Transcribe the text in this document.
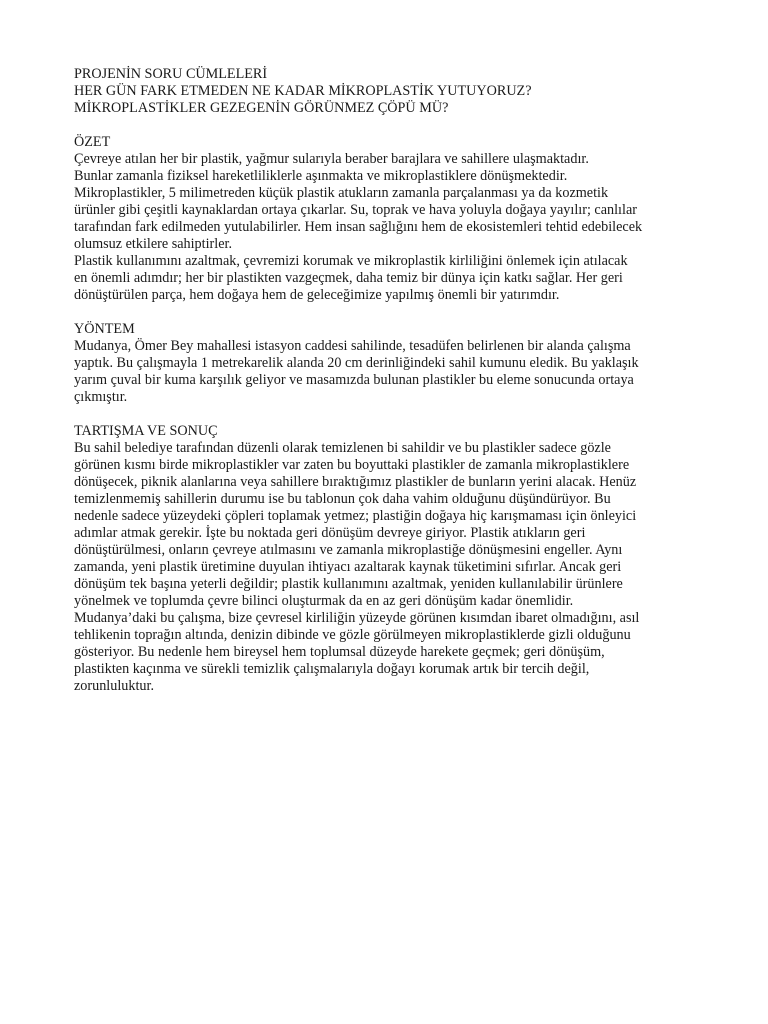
PROJENİN SORU CÜMLELERİ
HER GÜN FARK ETMEDEN NE KADAR MİKROPLASTİK YUTUYORUZ?
MİKROPLASTİKLER GEZEGENİN GÖRÜNMEZ ÇÖPÜ MÜ?
ÖZET
Çevreye atılan her bir plastik, yağmur sularıyla beraber barajlara ve sahillere ulaşmaktadır.
Bunlar zamanla fiziksel hareketliliklerle aşınmakta ve mikroplastiklere dönüşmektedir.
Mikroplastikler, 5 milimetreden küçük plastik atukların zamanla parçalanması ya da kozmetik
ürünler gibi çeşitli kaynaklardan ortaya çıkarlar. Su, toprak ve hava yoluyla doğaya yayılır; canlılar
tarafından fark edilmeden yutulabilirler. Hem insan sağlığını hem de ekosistemleri tehtid edebilecek
olumsuz etkilere sahiptirler.
Plastik kullanımını azaltmak, çevremizi korumak ve mikroplastik kirliliğini önlemek için atılacak
en önemli adımdır; her bir plastikten vazgeçmek, daha temiz bir dünya için katkı sağlar. Her geri
dönüştürülen parça, hem doğaya hem de geleceğimize yapılmış önemli bir yatırımdır.
YÖNTEM
Mudanya, Ömer Bey mahallesi istasyon caddesi sahilinde, tesadüfen belirlenen bir alanda çalışma
yaptık. Bu çalışmayla 1 metrekarelik alanda 20 cm derinliğindeki sahil kumunu eledik. Bu yaklaşık
yarım çuval bir kuma karşılık geliyor ve masamızda bulunan plastikler bu eleme sonucunda ortaya
çıkmıştır.
TARTIŞMA VE SONUÇ
Bu sahil belediye tarafından düzenli olarak temizlenen bi sahildir ve bu plastikler sadece gözle
görünen kısmı birde mikroplastikler var zaten bu boyuttaki plastikler de zamanla mikroplastiklere
dönüşecek, piknik alanlarına veya sahillere bıraktığımız plastikler de bunların yerini alacak. Henüz
temizlenmemiş sahillerin durumu ise bu tablonun çok daha vahim olduğunu düşündürüyor. Bu
nedenle sadece yüzeydeki çöpleri toplamak yetmez; plastiğin doğaya hiç karışmaması için önleyici
adımlar atmak gerekir. İşte bu noktada geri dönüşüm devreye giriyor. Plastik atıkların geri
dönüştürülmesi, onların çevreye atılmasını ve zamanla mikroplastiğe dönüşmesini engeller. Aynı
zamanda, yeni plastik üretimine duyulan ihtiyacı azaltarak kaynak tüketimini sıfırlar. Ancak geri
dönüşüm tek başına yeterli değildir; plastik kullanımını azaltmak, yeniden kullanılabilir ürünlere
yönelmek ve toplumda çevre bilinci oluşturmak da en az geri dönüşüm kadar önemlidir.
Mudanya’daki bu çalışma, bize çevresel kirliliğin yüzeyde görünen kısımdan ibaret olmadığını, asıl
tehlikenin toprağın altında, denizin dibinde ve gözle görülmeyen mikroplastiklerde gizli olduğunu
gösteriyor. Bu nedenle hem bireysel hem toplumsal düzeyde harekete geçmek; geri dönüşüm,
plastikten kaçınma ve sürekli temizlik çalışmalarıyla doğayı korumak artık bir tercih değil,
zorunluluktur.
